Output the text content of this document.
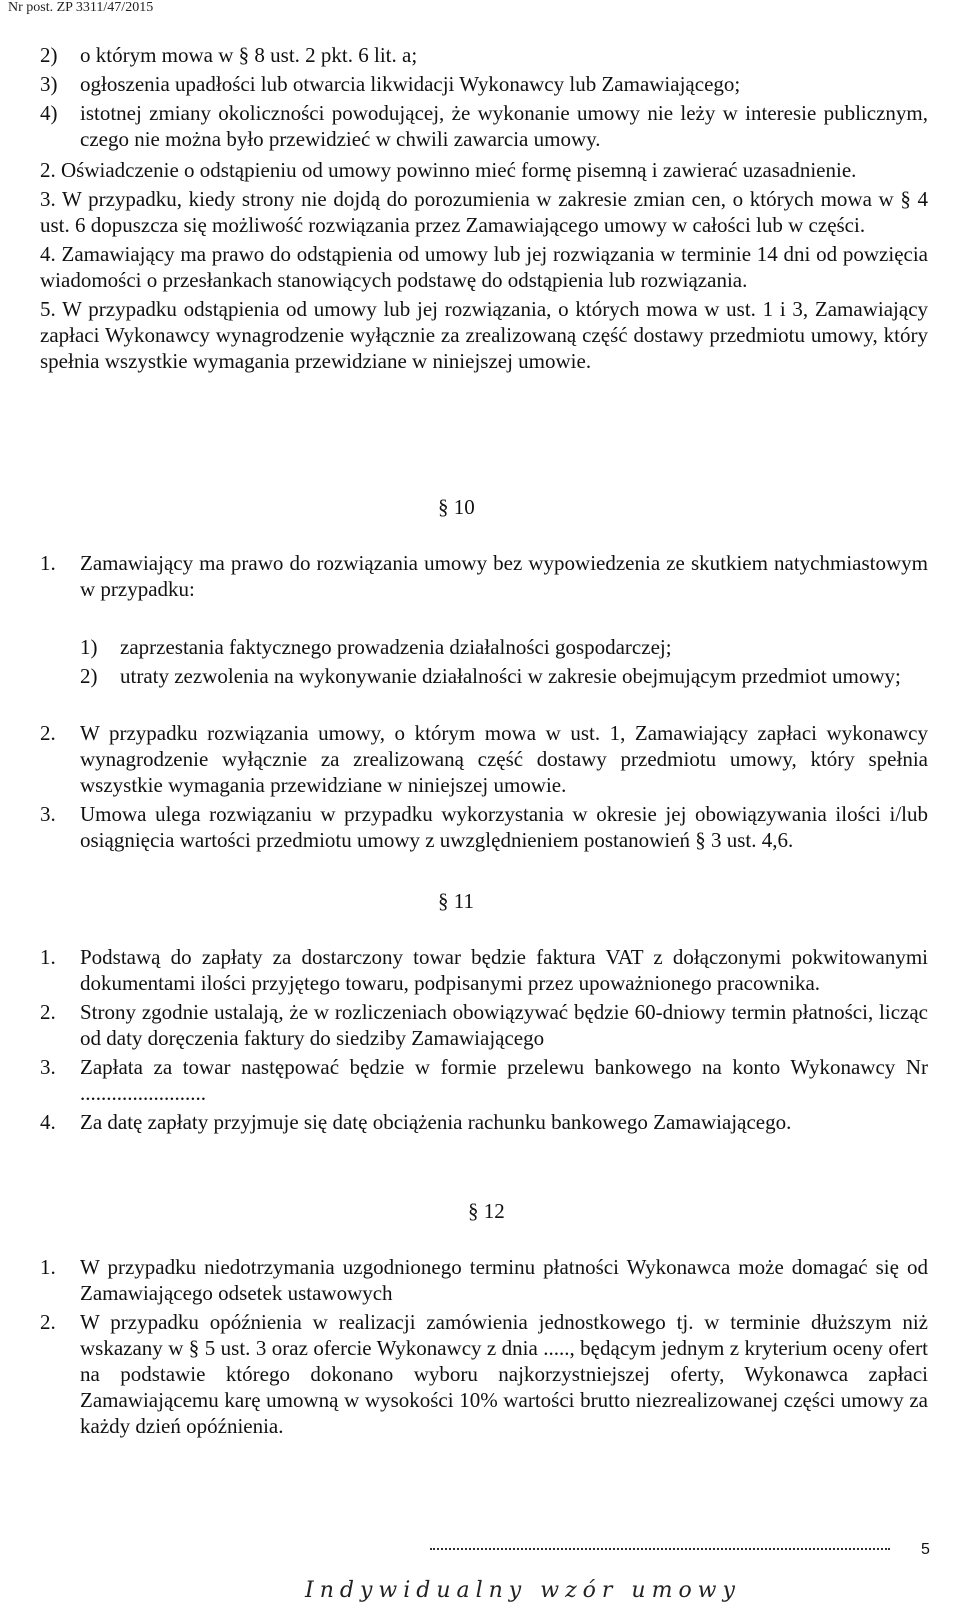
Nr post. ZP 3311/47/2015
2) o którym mowa w § 8 ust. 2 pkt. 6 lit. a;
3) ogłoszenia upadłości lub otwarcia likwidacji Wykonawcy lub Zamawiającego;
4) istotnej zmiany okoliczności powodującej, że wykonanie umowy nie leży w interesie publicznym, czego nie można było przewidzieć w chwili zawarcia umowy.
2. Oświadczenie o odstąpieniu od umowy powinno mieć formę pisemną i zawierać uzasadnienie.
3. W przypadku, kiedy strony nie dojdą do porozumienia w zakresie zmian cen, o których mowa w § 4 ust. 6 dopuszcza się możliwość rozwiązania przez Zamawiającego umowy w całości lub w części.
4. Zamawiający ma prawo do odstąpienia od umowy lub jej rozwiązania w terminie 14 dni od powzięcia wiadomości o przesłankach stanowiących podstawę do odstąpienia lub rozwiązania.
5. W przypadku odstąpienia od umowy lub jej rozwiązania, o których mowa w ust. 1 i 3, Zamawiający zapłaci Wykonawcy wynagrodzenie wyłącznie za zrealizowaną część dostawy przedmiotu umowy, który spełnia wszystkie wymagania przewidziane w niniejszej umowie.
§ 10
1. Zamawiający ma prawo do rozwiązania umowy bez wypowiedzenia ze skutkiem natychmiastowym w przypadku:
1) zaprzestania faktycznego prowadzenia działalności gospodarczej;
2) utraty zezwolenia na wykonywanie działalności w zakresie obejmującym przedmiot umowy;
2. W przypadku rozwiązania umowy, o którym mowa w ust. 1, Zamawiający zapłaci wykonawcy wynagrodzenie wyłącznie za zrealizowaną część dostawy przedmiotu umowy, który spełnia wszystkie wymagania przewidziane w niniejszej umowie.
3. Umowa ulega rozwiązaniu w przypadku wykorzystania w okresie jej obowiązywania ilości i/lub osiągnięcia wartości przedmiotu umowy z uwzględnieniem postanowień § 3 ust. 4,6.
§ 11
1. Podstawą do zapłaty za dostarczony towar będzie faktura VAT z dołączonymi pokwitowanymi dokumentami ilości przyjętego towaru, podpisanymi przez upoważnionego pracownika.
2. Strony zgodnie ustalają, że w rozliczeniach obowiązywać będzie 60-dniowy termin płatności, licząc od daty doręczenia faktury do siedziby Zamawiającego
3. Zapłata za towar następować będzie w formie przelewu bankowego na konto Wykonawcy Nr ........................
4. Za datę zapłaty przyjmuje się datę obciążenia rachunku bankowego Zamawiającego.
§ 12
1. W przypadku niedotrzymania uzgodnionego terminu płatności Wykonawca może domagać się od Zamawiającego odsetek ustawowych
2. W przypadku opóźnienia w realizacji zamówienia jednostkowego tj. w terminie dłuższym niż wskazany w § 5 ust. 3 oraz ofercie Wykonawcy z dnia ....., będącym jednym z kryterium oceny ofert na podstawie którego dokonano wyboru najkorzystniejszej oferty, Wykonawca zapłaci Zamawiającemu karę umowną w wysokości 10% wartości brutto niezrealizowanej części umowy za każdy dzień opóźnienia.
5
Indywidualny wzór umowy
